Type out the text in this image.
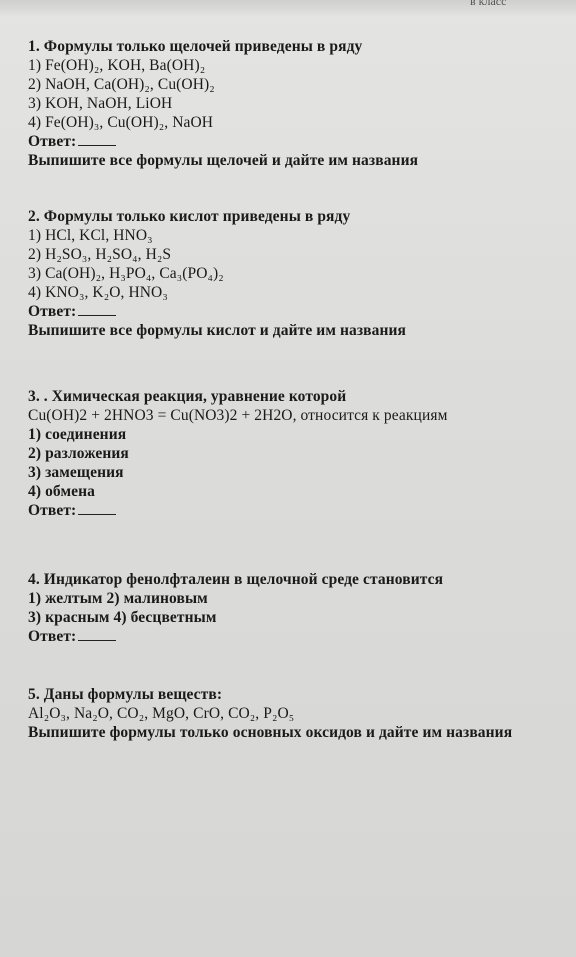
в класс
1. Формулы только щелочей приведены в ряду
1) Fe(OH)₂, KOH, Ba(OH)₂
2) NaOH, Ca(OH)₂, Cu(OH)₂
3) KOH, NaOH, LiOH
4) Fe(OH)₃, Cu(OH)₂, NaOH
Ответ:
Выпишите все формулы щелочей и дайте им названия
2. Формулы только кислот приведены в ряду
1) HCl, KCl, HNO₃
2) H₂SO₃, H₂SO₄, H₂S
3) Ca(OH)₂, H₃PO₄, Ca₃(PO₄)₂
4) KNO₃, K₂O, HNO₃
Ответ:
Выпишите все формулы кислот и дайте им названия
3. . Химическая реакция, уравнение которой
Cu(OH)2 + 2HNO3 = Cu(NO3)2 + 2H2O, относится к реакциям
1) соединения
2) разложения
3) замещения
4) обмена
Ответ:
4. Индикатор фенолфталеин в щелочной среде становится
1) желтым 2) малиновым
3) красным 4) бесцветным
Ответ:
5. Даны формулы веществ:
Al₂O₃, Na₂O, CO₂, MgO, CrO, CO₂, P₂O₅
Выпишите формулы только основных оксидов и дайте им названия
